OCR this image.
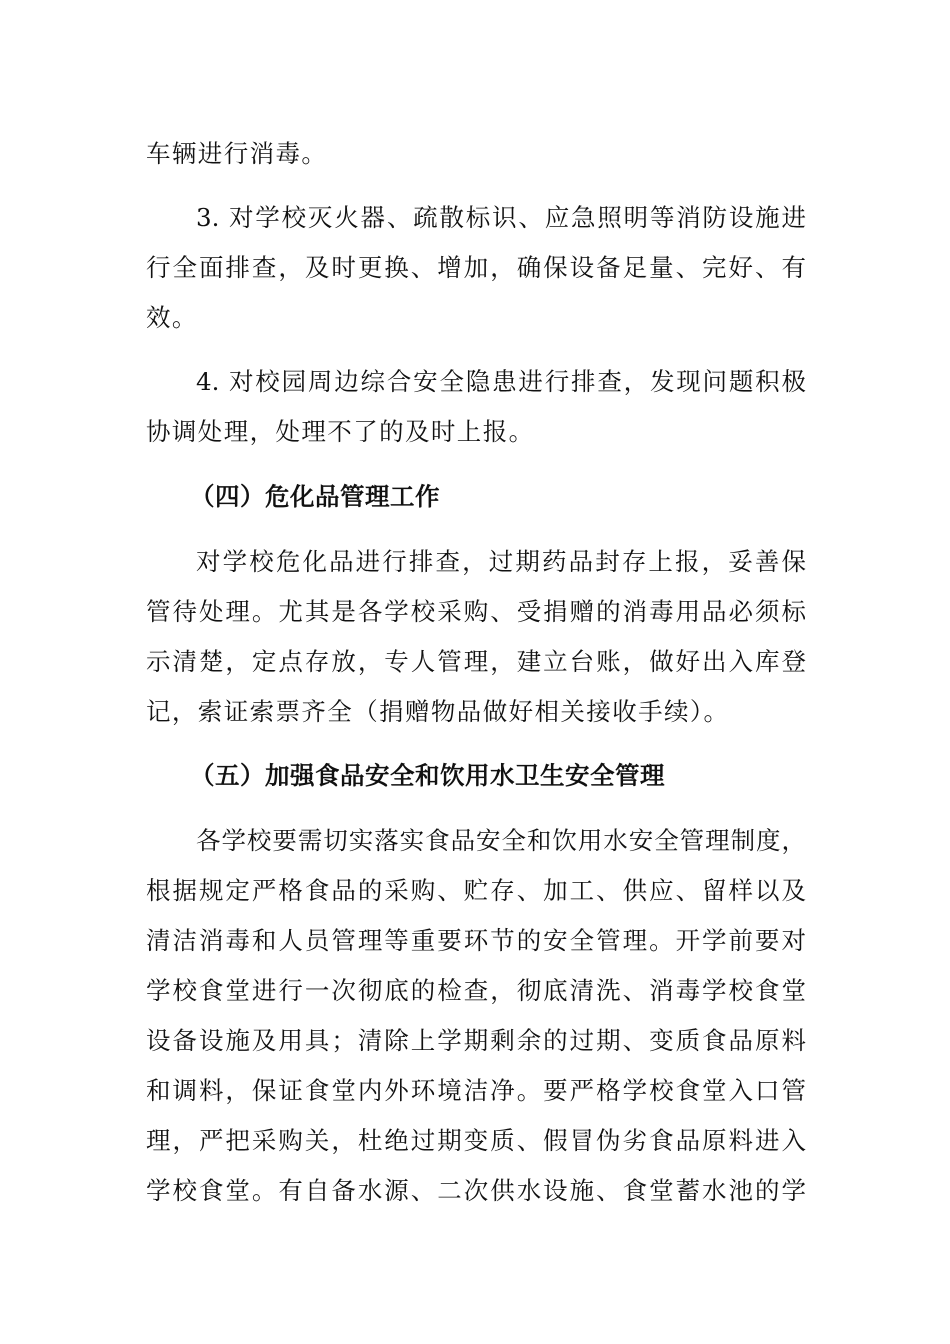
车辆进行消毒。
3. 对学校灭火器、疏散标识、应急照明等消防设施进
行全面排查，及时更换、增加，确保设备足量、完好、有
效。
4. 对校园周边综合安全隐患进行排查，发现问题积极
协调处理，处理不了的及时上报。
（四）危化品管理工作
对学校危化品进行排查，过期药品封存上报，妥善保
管待处理。尤其是各学校采购、受捐赠的消毒用品必须标
示清楚，定点存放，专人管理，建立台账，做好出入库登
记，索证索票齐全（捐赠物品做好相关接收手续）。
（五）加强食品安全和饮用水卫生安全管理
各学校要需切实落实食品安全和饮用水安全管理制度，
根据规定严格食品的采购、贮存、加工、供应、留样以及
清洁消毒和人员管理等重要环节的安全管理。开学前要对
学校食堂进行一次彻底的检查，彻底清洗、消毒学校食堂
设备设施及用具；清除上学期剩余的过期、变质食品原料
和调料，保证食堂内外环境洁净。要严格学校食堂入口管
理，严把采购关，杜绝过期变质、假冒伪劣食品原料进入
学校食堂。有自备水源、二次供水设施、食堂蓄水池的学
